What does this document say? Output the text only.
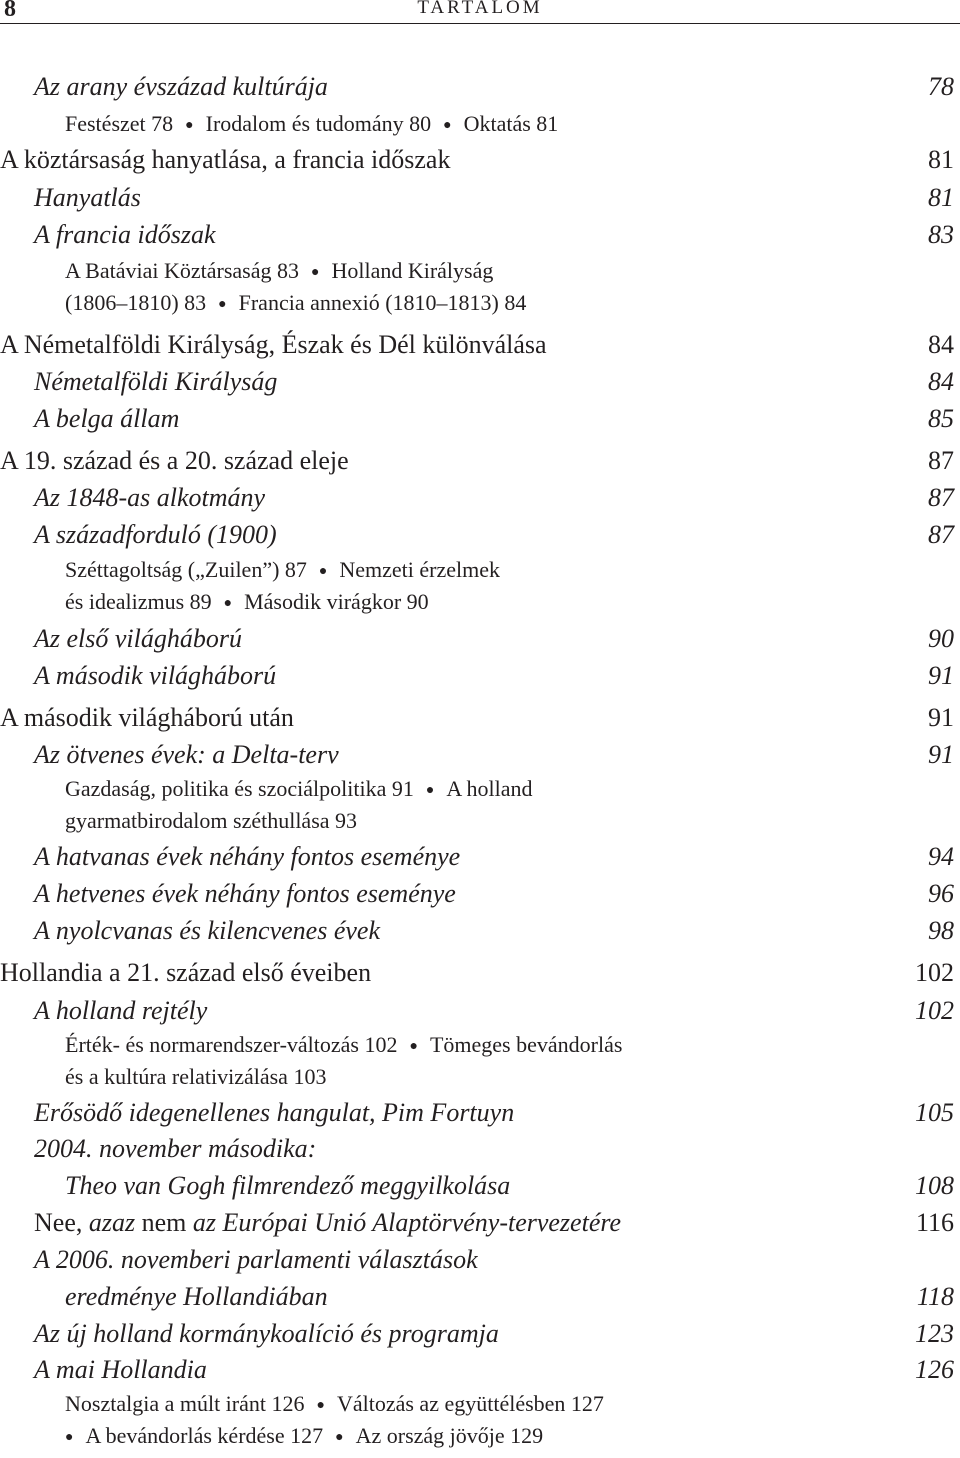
8	TARTALOM
Az arany évszázad kultúrája	78
Festészet 78 ● Irodalom és tudomány 80 ● Oktatás 81
A köztársaság hanyatlása, a francia időszak	81
Hanyatlás	81
A francia időszak	83
A Batáviai Köztársaság 83 ● Holland Királyság
(1806–1810) 83 ● Francia annexió (1810–1813) 84
A Németalföldi Királyság, Észak és Dél különválása	84
Németalföldi Királyság	84
A belga állam	85
A 19. század és a 20. század eleje	87
Az 1848-as alkotmány	87
A századforduló (1900)	87
Széttagoltság („Zuilen”) 87 ● Nemzeti érzelmek
és idealizmus 89 ● Második virágkor 90
Az első világháború	90
A második világháború	91
A második világháború után	91
Az ötvenes évek: a Delta-terv	91
Gazdaság, politika és szociálpolitika 91 ● A holland
gyarmatbirodalom széthullása 93
A hatvanas évek néhány fontos eseménye	94
A hetvenes évek néhány fontos eseménye	96
A nyolcvanas és kilencvenes évek	98
Hollandia a 21. század első éveiben	102
A holland rejtély	102
Érték- és normarendszer-változás 102 ● Tömeges bevándorlás
és a kultúra relativizálása 103
Erősödő idegenellenes hangulat, Pim Fortuyn	105
2004. november másodika:
Theo van Gogh filmrendező meggyilkolása	108
Nee, azaz nem az Európai Unió Alaptörvény-tervezetére	116
A 2006. novemberi parlamenti választások
eredménye Hollandiában	118
Az új holland kormánykoalíció és programja	123
A mai Hollandia	126
Nosztalgia a múlt iránt 126 ● Változás az együttélésben 127
● A bevándorlás kérdése 127 ● Az ország jövője 129
